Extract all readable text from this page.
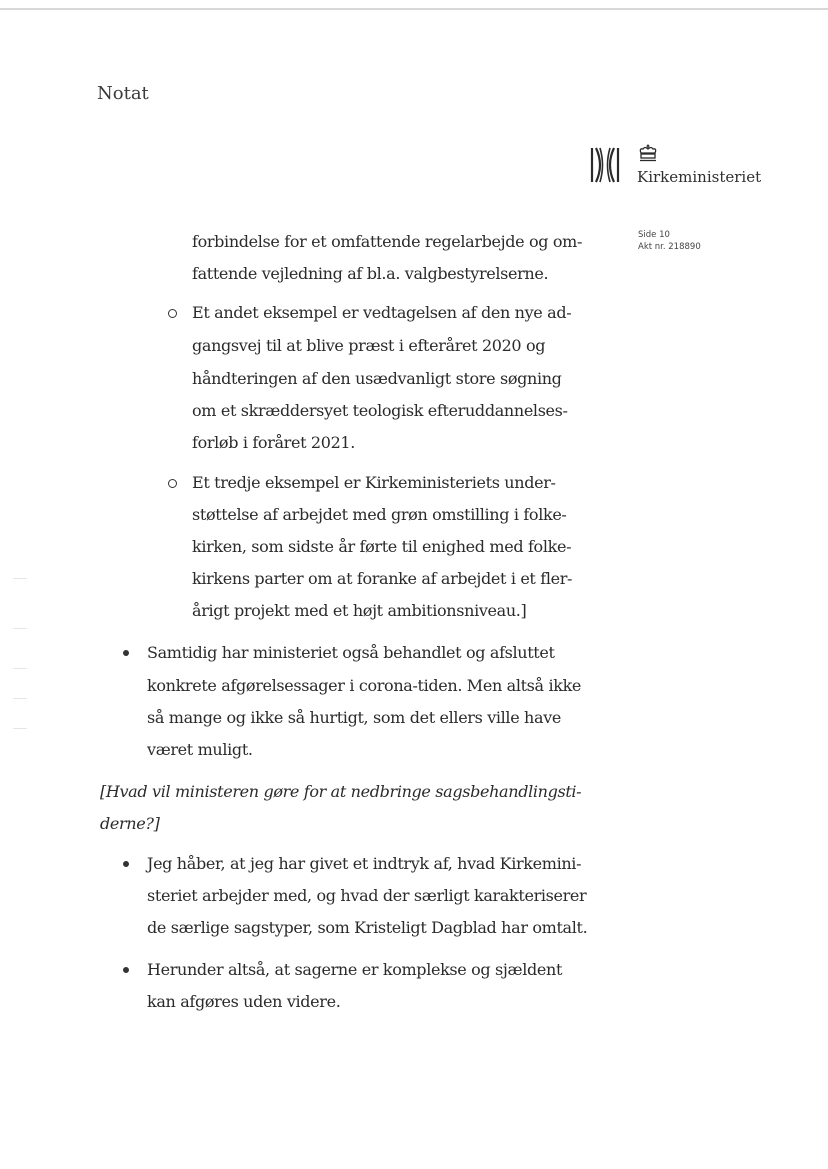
Notat
Kirkeministeriet
Side 10
Akt nr. 218890
forbindelse for et omfattende regelarbejde og om-
fattende vejledning af bl.a. valgbestyrelserne.
Et andet eksempel er vedtagelsen af den nye ad-
gangsvej til at blive præst i efteråret 2020 og
håndteringen af den usædvanligt store søgning
om et skræddersyet teologisk efteruddannelses-
forløb i foråret 2021.
Et tredje eksempel er Kirkeministeriets under-
støttelse af arbejdet med grøn omstilling i folke-
kirken, som sidste år førte til enighed med folke-
kirkens parter om at foranke af arbejdet i et fler-
årigt projekt med et højt ambitionsniveau.]
Samtidig har ministeriet også behandlet og afsluttet
konkrete afgørelsessager i corona-tiden. Men altså ikke
så mange og ikke så hurtigt, som det ellers ville have
været muligt.
[Hvad vil ministeren gøre for at nedbringe sagsbehandlingsti-
derne?]
Jeg håber, at jeg har givet et indtryk af, hvad Kirkemini-
steriet arbejder med, og hvad der særligt karakteriserer
de særlige sagstyper, som Kristeligt Dagblad har omtalt.
Herunder altså, at sagerne er komplekse og sjældent
kan afgøres uden videre.
